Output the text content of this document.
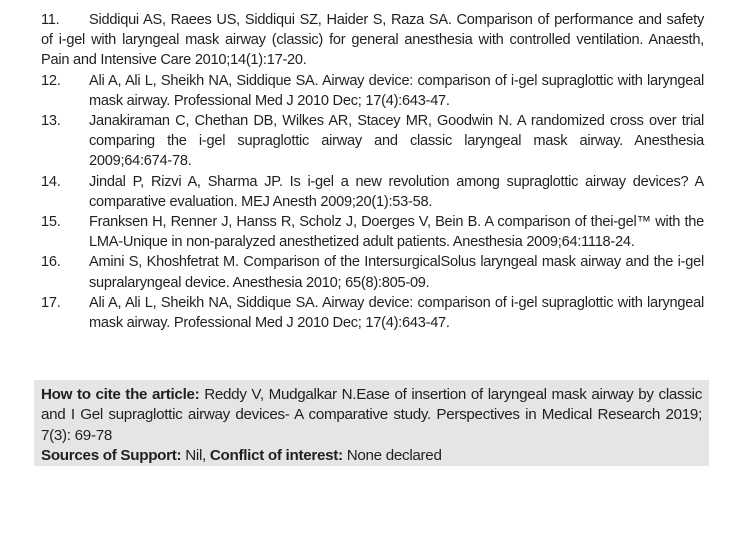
11. Siddiqui AS, Raees US, Siddiqui SZ, Haider S, Raza SA. Comparison of performance and safety of i-gel with laryngeal mask airway (classic) for general anesthesia with controlled ventilation. Anaesth, Pain and Intensive Care 2010;14(1):17-20.
12. Ali A, Ali L, Sheikh NA, Siddique SA. Airway device: comparison of i-gel supraglottic with laryngeal mask airway. Professional Med J 2010 Dec; 17(4):643-47.
13. Janakiraman C, Chethan DB, Wilkes AR, Stacey MR, Goodwin N. A randomized cross over trial comparing the i-gel supraglottic airway and classic laryngeal mask airway. Anesthesia 2009;64:674-78.
14. Jindal P, Rizvi A, Sharma JP. Is i-gel a new revolution among supraglottic airway devices? A comparative evaluation. MEJ Anesth 2009;20(1):53-58.
15. Franksen H, Renner J, Hanss R, Scholz J, Doerges V, Bein B. A comparison of thei-gel™ with the LMA-Unique in non-paralyzed anesthetized adult patients. Anesthesia 2009;64:1118-24.
16. Amini S, Khoshfetrat M. Comparison of the IntersurgicalSolus laryngeal mask airway and the i-gel supralaryngeal device. Anesthesia 2010; 65(8):805-09.
17. Ali A, Ali L, Sheikh NA, Siddique SA. Airway device: comparison of i-gel supraglottic with laryngeal mask airway. Professional Med J 2010 Dec; 17(4):643-47.

How to cite the article: Reddy V, Mudgalkar N.Ease of insertion of laryngeal mask airway by classic and I Gel supraglottic airway devices- A comparative study. Perspectives in Medical Research 2019; 7(3): 69-78

Sources of Support: Nil, Conflict of interest: None declared
